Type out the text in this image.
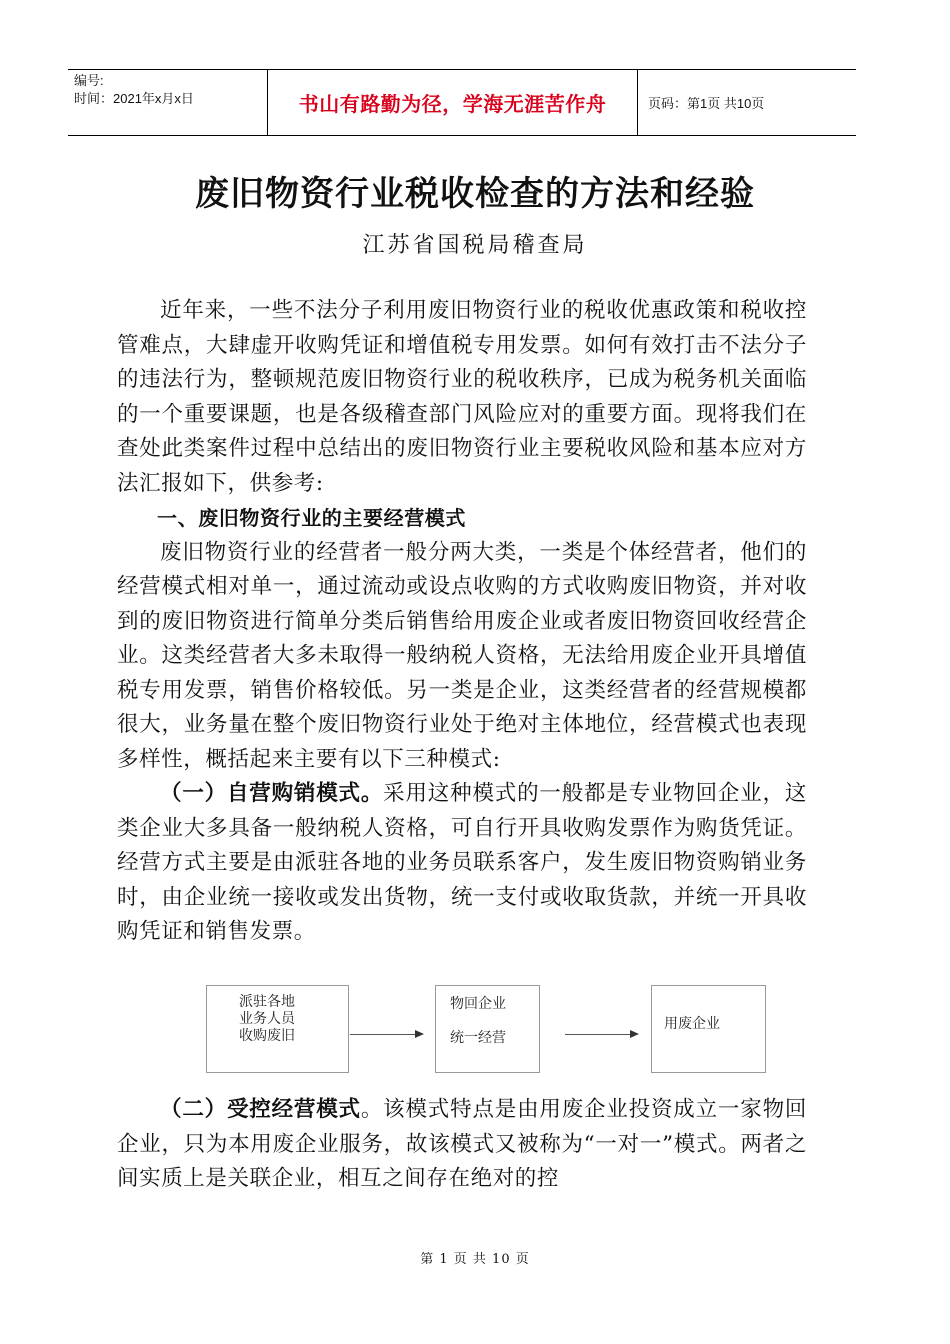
编号:
时间：2021年x月x日	书山有路勤为径，学海无涯苦作舟	页码：第1页 共10页
废旧物资行业税收检查的方法和经验
江苏省国税局稽查局

近年来，一些不法分子利用废旧物资行业的税收优惠政策和税收控管难点，大肆虚开收购凭证和增值税专用发票。如何有效打击不法分子的违法行为，整顿规范废旧物资行业的税收秩序，已成为税务机关面临的一个重要课题，也是各级稽查部门风险应对的重要方面。现将我们在查处此类案件过程中总结出的废旧物资行业主要税收风险和基本应对方法汇报如下，供参考:

一、废旧物资行业的主要经营模式

废旧物资行业的经营者一般分两大类，一类是个体经营者，他们的经营模式相对单一，通过流动或设点收购的方式收购废旧物资，并对收到的废旧物资进行简单分类后销售给用废企业或者废旧物资回收经营企业。这类经营者大多未取得一般纳税人资格，无法给用废企业开具增值税专用发票，销售价格较低。另一类是企业，这类经营者的经营规模都很大，业务量在整个废旧物资行业处于绝对主体地位，经营模式也表现多样性，概括起来主要有以下三种模式:

（一）自营购销模式。采用这种模式的一般都是专业物回企业，这类企业大多具备一般纳税人资格，可自行开具收购发票作为购货凭证。经营方式主要是由派驻各地的业务员联系客户，发生废旧物资购销业务时，由企业统一接收或发出货物，统一支付或收取货款，并统一开具收购凭证和销售发票。

派驻各地
业务人员
收购废旧
物回企业
统一经营
用废企业

（二）受控经营模式。该模式特点是由用废企业投资成立一家物回企业，只为本用废企业服务，故该模式又被称为“一对一”模式。两者之间实质上是关联企业，相互之间存在绝对的控

第 1 页 共 10 页
